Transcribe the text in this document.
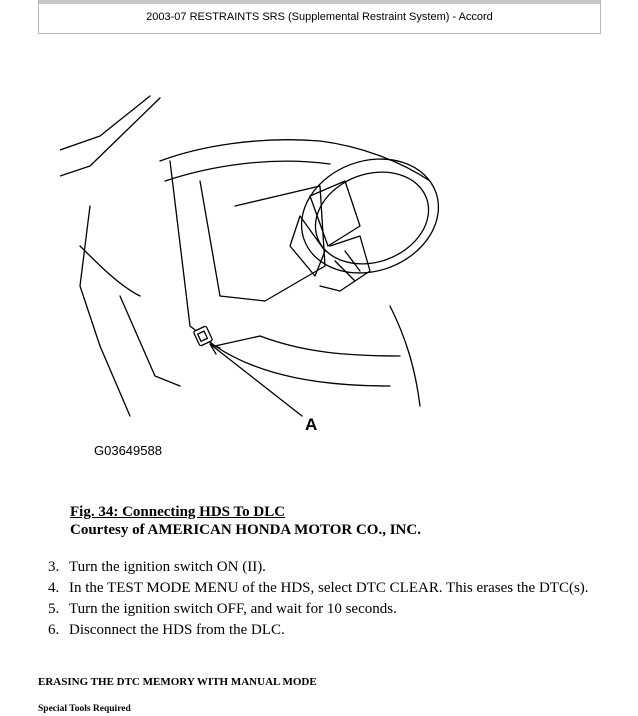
2003-07 RESTRAINTS SRS (Supplemental Restraint System) - Accord
A
G03649588
Fig. 34: Connecting HDS To DLC
Courtesy of AMERICAN HONDA MOTOR CO., INC.
3. Turn the ignition switch ON (II).
4. In the TEST MODE MENU of the HDS, select DTC CLEAR. This erases the DTC(s).
5. Turn the ignition switch OFF, and wait for 10 seconds.
6. Disconnect the HDS from the DLC.
ERASING THE DTC MEMORY WITH MANUAL MODE
Special Tools Required
